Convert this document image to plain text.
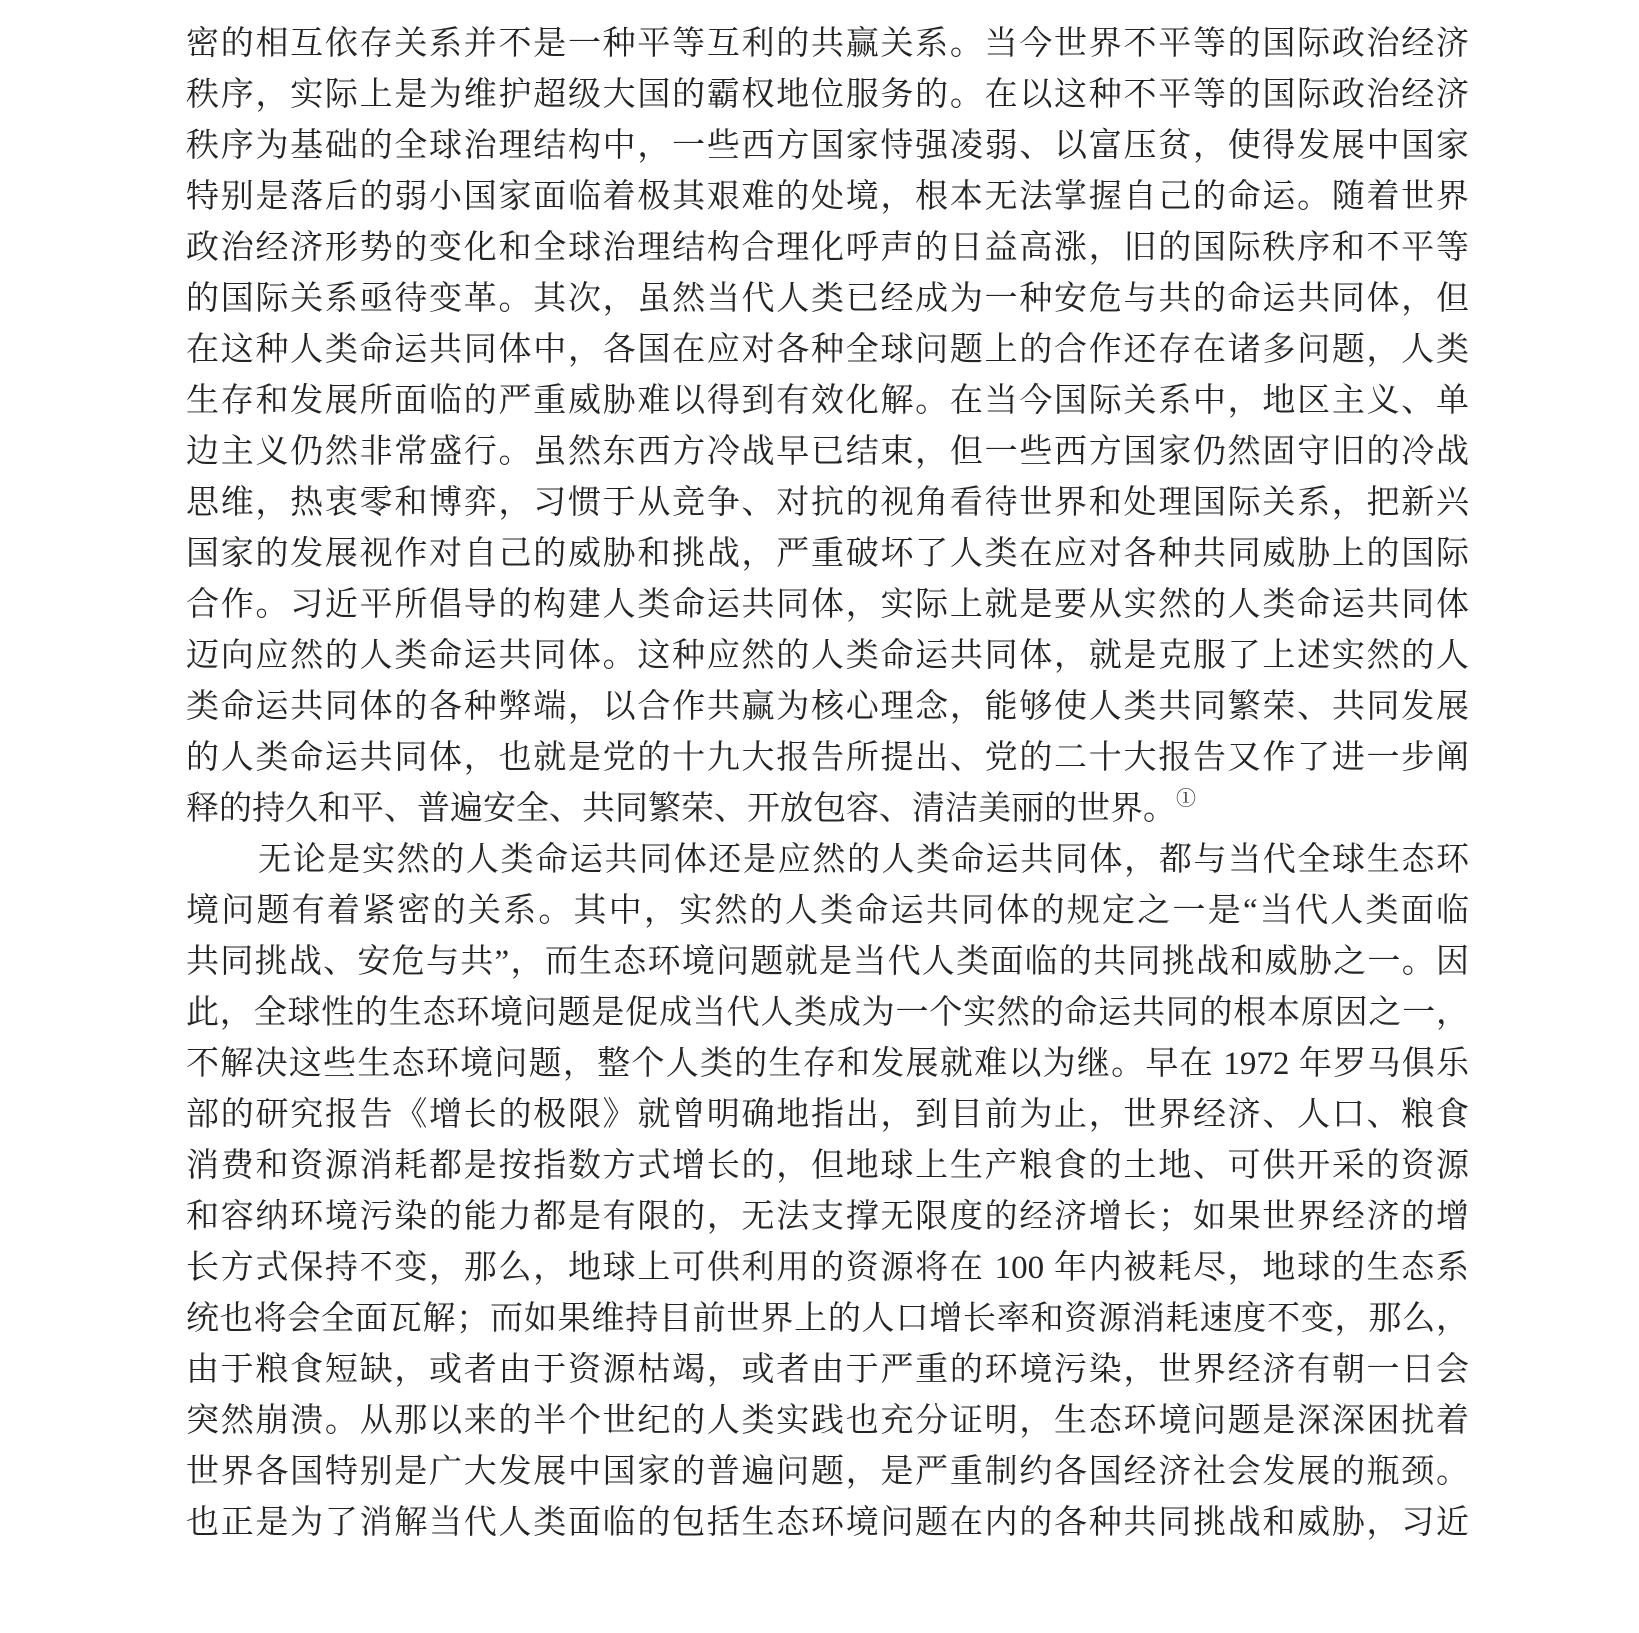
密的相互依存关系并不是一种平等互利的共赢关系。当今世界不平等的国际政治经济
秩序，实际上是为维护超级大国的霸权地位服务的。在以这种不平等的国际政治经济
秩序为基础的全球治理结构中，一些西方国家恃强凌弱、以富压贫，使得发展中国家
特别是落后的弱小国家面临着极其艰难的处境，根本无法掌握自己的命运。随着世界
政治经济形势的变化和全球治理结构合理化呼声的日益高涨，旧的国际秩序和不平等
的国际关系亟待变革。其次，虽然当代人类已经成为一种安危与共的命运共同体，但
在这种人类命运共同体中，各国在应对各种全球问题上的合作还存在诸多问题，人类
生存和发展所面临的严重威胁难以得到有效化解。在当今国际关系中，地区主义、单
边主义仍然非常盛行。虽然东西方冷战早已结束，但一些西方国家仍然固守旧的冷战
思维，热衷零和博弈，习惯于从竞争、对抗的视角看待世界和处理国际关系，把新兴
国家的发展视作对自己的威胁和挑战，严重破坏了人类在应对各种共同威胁上的国际
合作。习近平所倡导的构建人类命运共同体，实际上就是要从实然的人类命运共同体
迈向应然的人类命运共同体。这种应然的人类命运共同体，就是克服了上述实然的人
类命运共同体的各种弊端，以合作共赢为核心理念，能够使人类共同繁荣、共同发展
的人类命运共同体，也就是党的十九大报告所提出、党的二十大报告又作了进一步阐
释的持久和平、普遍安全、共同繁荣、开放包容、清洁美丽的世界。①
无论是实然的人类命运共同体还是应然的人类命运共同体，都与当代全球生态环
境问题有着紧密的关系。其中，实然的人类命运共同体的规定之一是“当代人类面临
共同挑战、安危与共”，而生态环境问题就是当代人类面临的共同挑战和威胁之一。因
此，全球性的生态环境问题是促成当代人类成为一个实然的命运共同的根本原因之一，
不解决这些生态环境问题，整个人类的生存和发展就难以为继。早在 1972 年罗马俱乐
部的研究报告《增长的极限》就曾明确地指出，到目前为止，世界经济、人口、粮食
消费和资源消耗都是按指数方式增长的，但地球上生产粮食的土地、可供开采的资源
和容纳环境污染的能力都是有限的，无法支撑无限度的经济增长；如果世界经济的增
长方式保持不变，那么，地球上可供利用的资源将在 100 年内被耗尽，地球的生态系
统也将会全面瓦解；而如果维持目前世界上的人口增长率和资源消耗速度不变，那么，
由于粮食短缺，或者由于资源枯竭，或者由于严重的环境污染，世界经济有朝一日会
突然崩溃。从那以来的半个世纪的人类实践也充分证明，生态环境问题是深深困扰着
世界各国特别是广大发展中国家的普遍问题，是严重制约各国经济社会发展的瓶颈。
也正是为了消解当代人类面临的包括生态环境问题在内的各种共同挑战和威胁，习近
